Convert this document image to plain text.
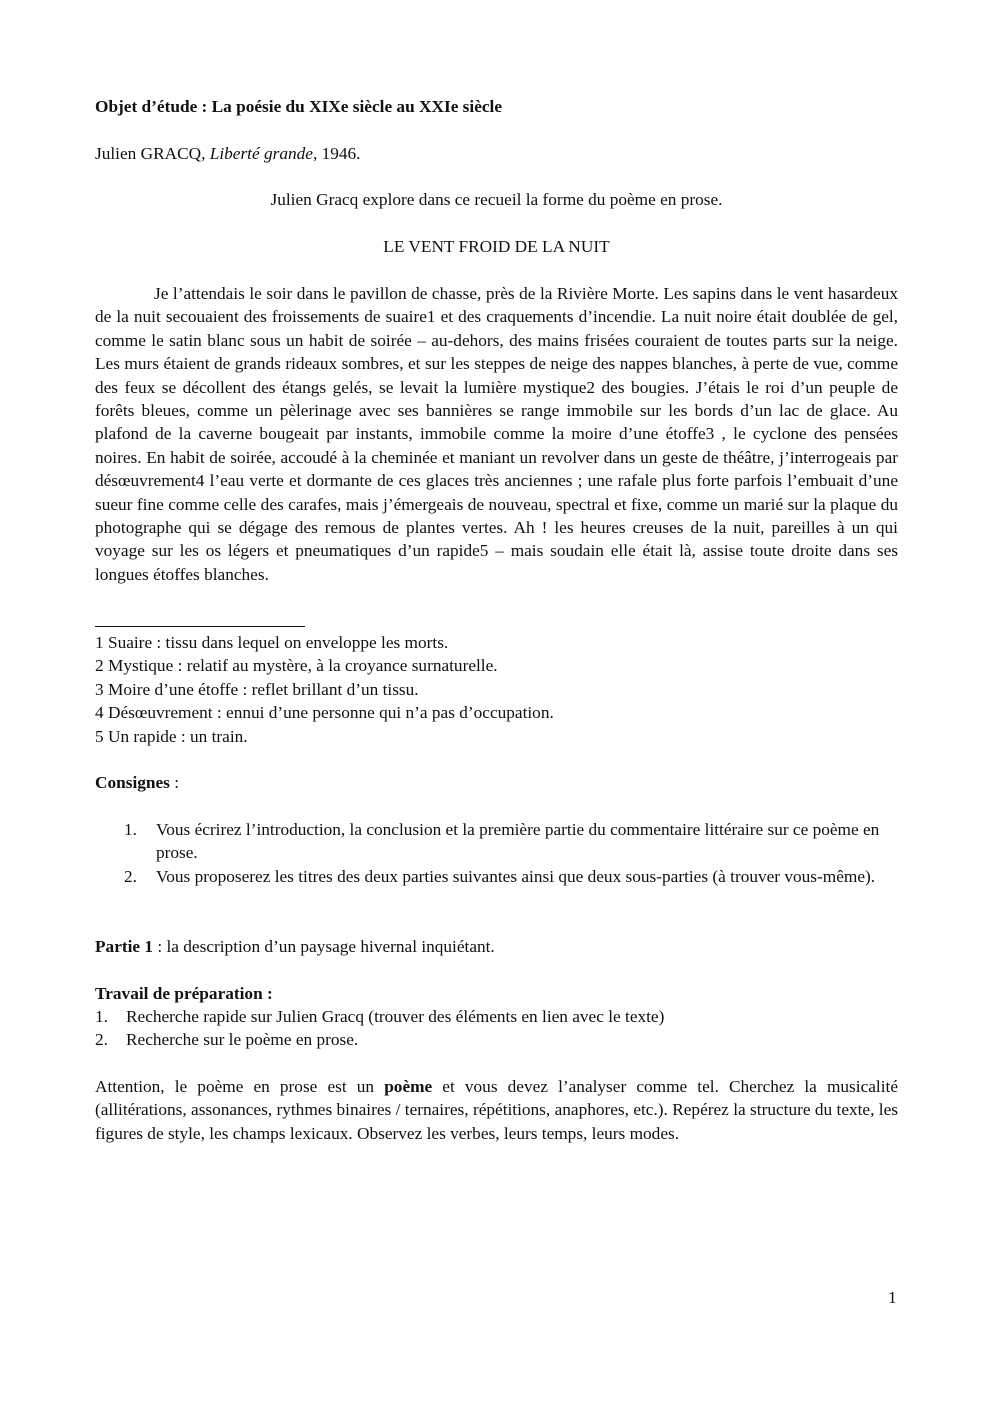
Objet d’étude : La poésie du XIXe siècle au XXIe siècle
Julien GRACQ, Liberté grande, 1946.
Julien Gracq explore dans ce recueil la forme du poème en prose.
LE VENT FROID DE LA NUIT

Je l’attendais le soir dans le pavillon de chasse, près de la Rivière Morte. Les sapins dans le vent hasardeux de la nuit secouaient des froissements de suaire1 et des craquements d’incendie. La nuit noire était doublée de gel, comme le satin blanc sous un habit de soirée – au-dehors, des mains frisées couraient de toutes parts sur la neige. Les murs étaient de grands rideaux sombres, et sur les steppes de neige des nappes blanches, à perte de vue, comme des feux se décollent des étangs gelés, se levait la lumière mystique2 des bougies. J’étais le roi d’un peuple de forêts bleues, comme un pèlerinage avec ses bannières se range immobile sur les bords d’un lac de glace. Au plafond de la caverne bougeait par instants, immobile comme la moire d’une étoffe3 , le cyclone des pensées noires. En habit de soirée, accoudé à la cheminée et maniant un revolver dans un geste de théâtre, j’interrogeais par désœuvrement4 l’eau verte et dormante de ces glaces très anciennes ; une rafale plus forte parfois l’embuait d’une sueur fine comme celle des carafes, mais j’émergeais de nouveau, spectral et fixe, comme un marié sur la plaque du photographe qui se dégage des remous de plantes vertes. Ah ! les heures creuses de la nuit, pareilles à un qui voyage sur les os légers et pneumatiques d’un rapide5 – mais soudain elle était là, assise toute droite dans ses longues étoffes blanches.

1 Suaire : tissu dans lequel on enveloppe les morts.
2 Mystique : relatif au mystère, à la croyance surnaturelle.
3 Moire d’une étoffe : reflet brillant d’un tissu.
4 Désœuvrement : ennui d’une personne qui n’a pas d’occupation.
5 Un rapide : un train.
Consignes :
1. Vous écrirez l’introduction, la conclusion et la première partie du commentaire littéraire sur ce poème en prose.
2. Vous proposerez les titres des deux parties suivantes ainsi que deux sous-parties (à trouver vous-même).
Partie 1 : la description d’un paysage hivernal inquiétant.
Travail de préparation :
1. Recherche rapide sur Julien Gracq (trouver des éléments en lien avec le texte)
2. Recherche sur le poème en prose.

Attention, le poème en prose est un poème et vous devez l’analyser comme tel. Cherchez la musicalité (allitérations, assonances, rythmes binaires / ternaires, répétitions, anaphores, etc.). Repérez la structure du texte, les figures de style, les champs lexicaux. Observez les verbes, leurs temps, leurs modes.

1
